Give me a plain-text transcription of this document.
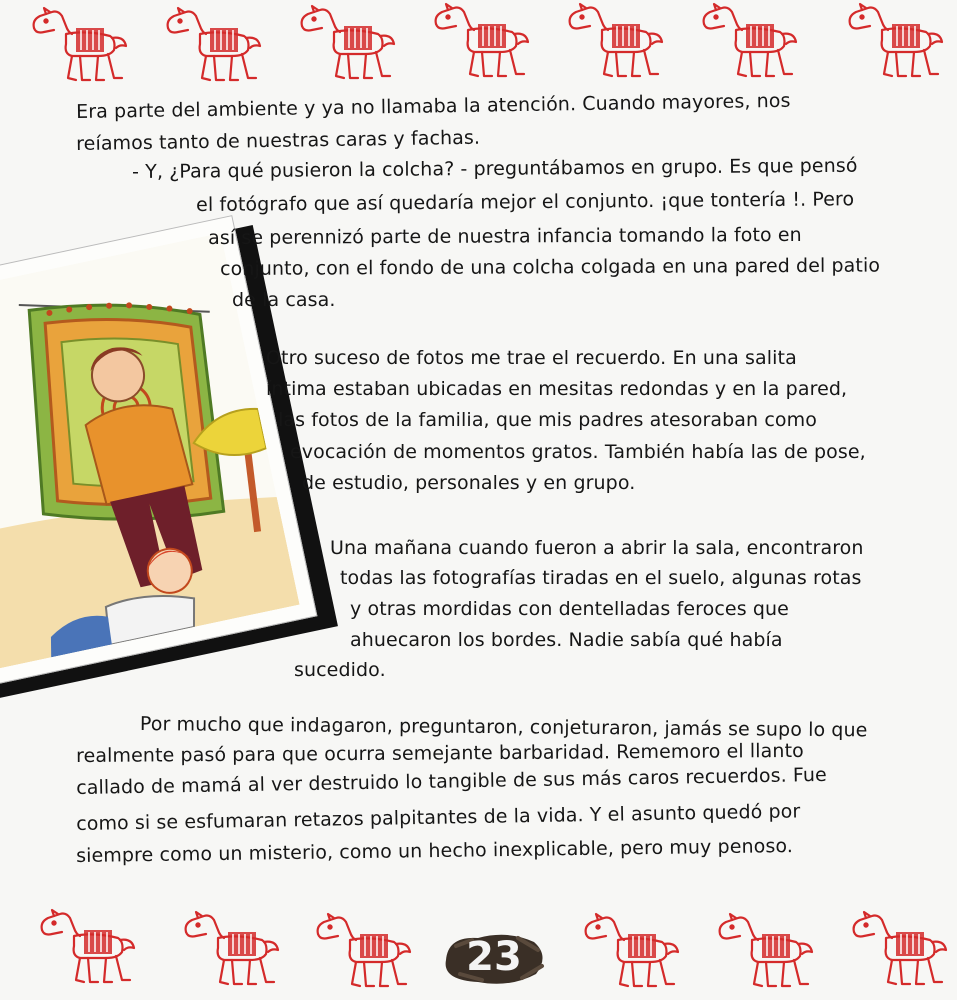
Era parte del ambiente y ya no llamaba la atención. Cuando mayores, nos
reíamos tanto de nuestras caras y fachas.
- Y, ¿Para qué pusieron la colcha? - preguntábamos en grupo. Es que pensó
el fotógrafo que así quedaría mejor el conjunto. ¡que tontería !. Pero
así se perennizó parte de nuestra infancia tomando la foto en
conjunto, con el fondo de una colcha colgada en una pared del patio
de la casa.
Otro suceso de fotos me trae el recuerdo. En una salita
íntima estaban ubicadas en mesitas redondas y en la pared,
las fotos de la familia, que mis padres atesoraban como
evocación de momentos gratos. También había las de pose,
de estudio, personales y en grupo.
Una mañana cuando fueron a abrir la sala, encontraron
todas las fotografías tiradas en el suelo, algunas rotas
y otras mordidas con dentelladas feroces que
ahuecaron los bordes. Nadie sabía qué había
sucedido.
Por mucho que indagaron, preguntaron, conjeturaron, jamás se supo lo que
realmente pasó para que ocurra semejante barbaridad. Rememoro el llanto
callado de mamá al ver destruido lo tangible de sus más caros recuerdos. Fue
como si se esfumaran retazos palpitantes de la vida. Y el asunto quedó por
siempre como un misterio, como un hecho inexplicable, pero muy penoso.
23
